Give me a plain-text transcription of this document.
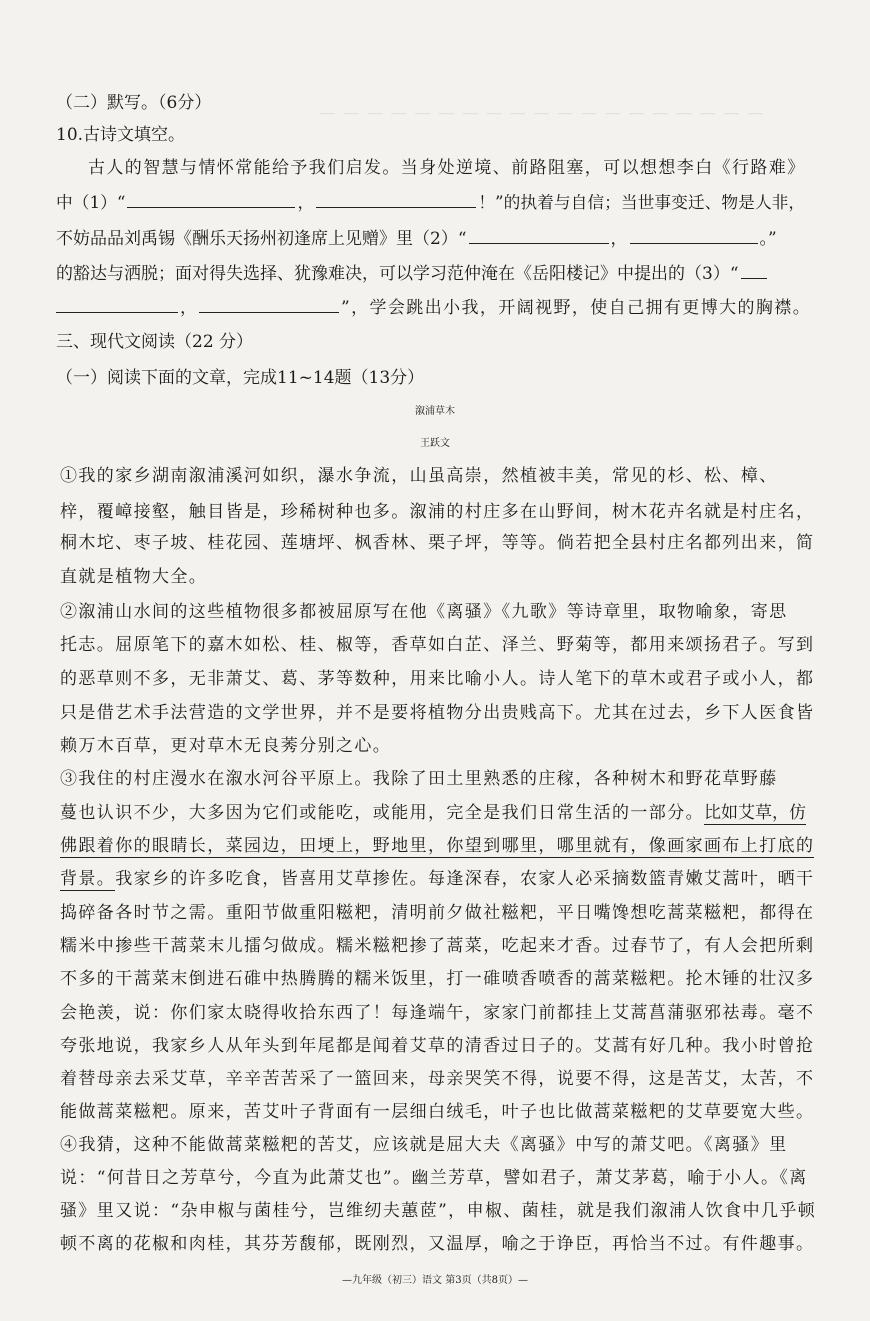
＿ ＿ ＿ ＿ ＿ ＿ ＿ ＿ ＿ ＿ ＿ ＿ ＿ ＿ ＿ ＿ ＿ ＿ ＿
（二）默写。（6分）
10.古诗文填空。
古人的智慧与情怀常能给予我们启发。当身处逆境、前路阻塞，可以想想李白《行路难》
中（1）“	，	！”的执着与自信；当世事变迁、物是人非，
不妨品品刘禹锡《酬乐天扬州初逢席上见赠》里（2）“	，	。”
的豁达与洒脱；面对得失选择、犹豫难决，可以学习范仲淹在《岳阳楼记》中提出的（3）“
，	”，学会跳出小我，开阔视野，使自己拥有更博大的胸襟。
三、现代文阅读（22 分）
（一）阅读下面的文章，完成11~14题（13分）
溆浦草木
王跃文
①我的家乡湖南溆浦溪河如织，瀑水争流，山虽高崇，然植被丰美，常见的杉、松、樟、
梓，覆嶂接壑，触目皆是，珍稀树种也多。溆浦的村庄多在山野间，树木花卉名就是村庄名，
桐木坨、枣子坡、桂花园、莲塘坪、枫香林、栗子坪，等等。倘若把全县村庄名都列出来，简
直就是植物大全。
②溆浦山水间的这些植物很多都被屈原写在他《离骚》《九歌》等诗章里，取物喻象，寄思
托志。屈原笔下的嘉木如松、桂、椒等，香草如白芷、泽兰、野菊等，都用来颂扬君子。写到
的恶草则不多，无非萧艾、葛、茅等数种，用来比喻小人。诗人笔下的草木或君子或小人，都
只是借艺术手法营造的文学世界，并不是要将植物分出贵贱高下。尤其在过去，乡下人医食皆
赖万木百草，更对草木无良莠分别之心。
③我住的村庄漫水在溆水河谷平原上。我除了田土里熟悉的庄稼，各种树木和野花草野藤
蔓也认识不少，大多因为它们或能吃，或能用，完全是我们日常生活的一部分。比如艾草，仿
佛跟着你的眼睛长，菜园边，田埂上，野地里，你望到哪里，哪里就有，像画家画布上打底的
背景。我家乡的许多吃食，皆喜用艾草掺佐。每逢深春，农家人必采摘数篮青嫩艾蒿叶，晒干
捣碎备各时节之需。重阳节做重阳糍粑，清明前夕做社糍粑，平日嘴馋想吃蒿菜糍粑，都得在
糯米中掺些干蒿菜末儿擂匀做成。糯米糍粑掺了蒿菜，吃起来才香。过春节了，有人会把所剩
不多的干蒿菜末倒进石碓中热腾腾的糯米饭里，打一碓喷香喷香的蒿菜糍粑。抡木锤的壮汉多
会艳羡，说：你们家太晓得收拾东西了！每逢端午，家家门前都挂上艾蒿菖蒲驱邪祛毒。毫不
夸张地说，我家乡人从年头到年尾都是闻着艾草的清香过日子的。艾蒿有好几种。我小时曾抢
着替母亲去采艾草，辛辛苦苦采了一篮回来，母亲哭笑不得，说要不得，这是苦艾，太苦，不
能做蒿菜糍粑。原来，苦艾叶子背面有一层细白绒毛，叶子也比做蒿菜糍粑的艾草要宽大些。
④我猜，这种不能做蒿菜糍粑的苦艾，应该就是屈大夫《离骚》中写的萧艾吧。《离骚》里
说：“何昔日之芳草兮，今直为此萧艾也”。幽兰芳草，譬如君子，萧艾茅葛，喻于小人。《离
骚》里又说：“杂申椒与菌桂兮，岂维纫夫蕙茝”，申椒、菌桂，就是我们溆浦人饮食中几乎顿
顿不离的花椒和肉桂，其芬芳馥郁，既刚烈，又温厚，喻之于诤臣，再恰当不过。有件趣事。
—九年级（初三）语文 第3页（共8页）—
